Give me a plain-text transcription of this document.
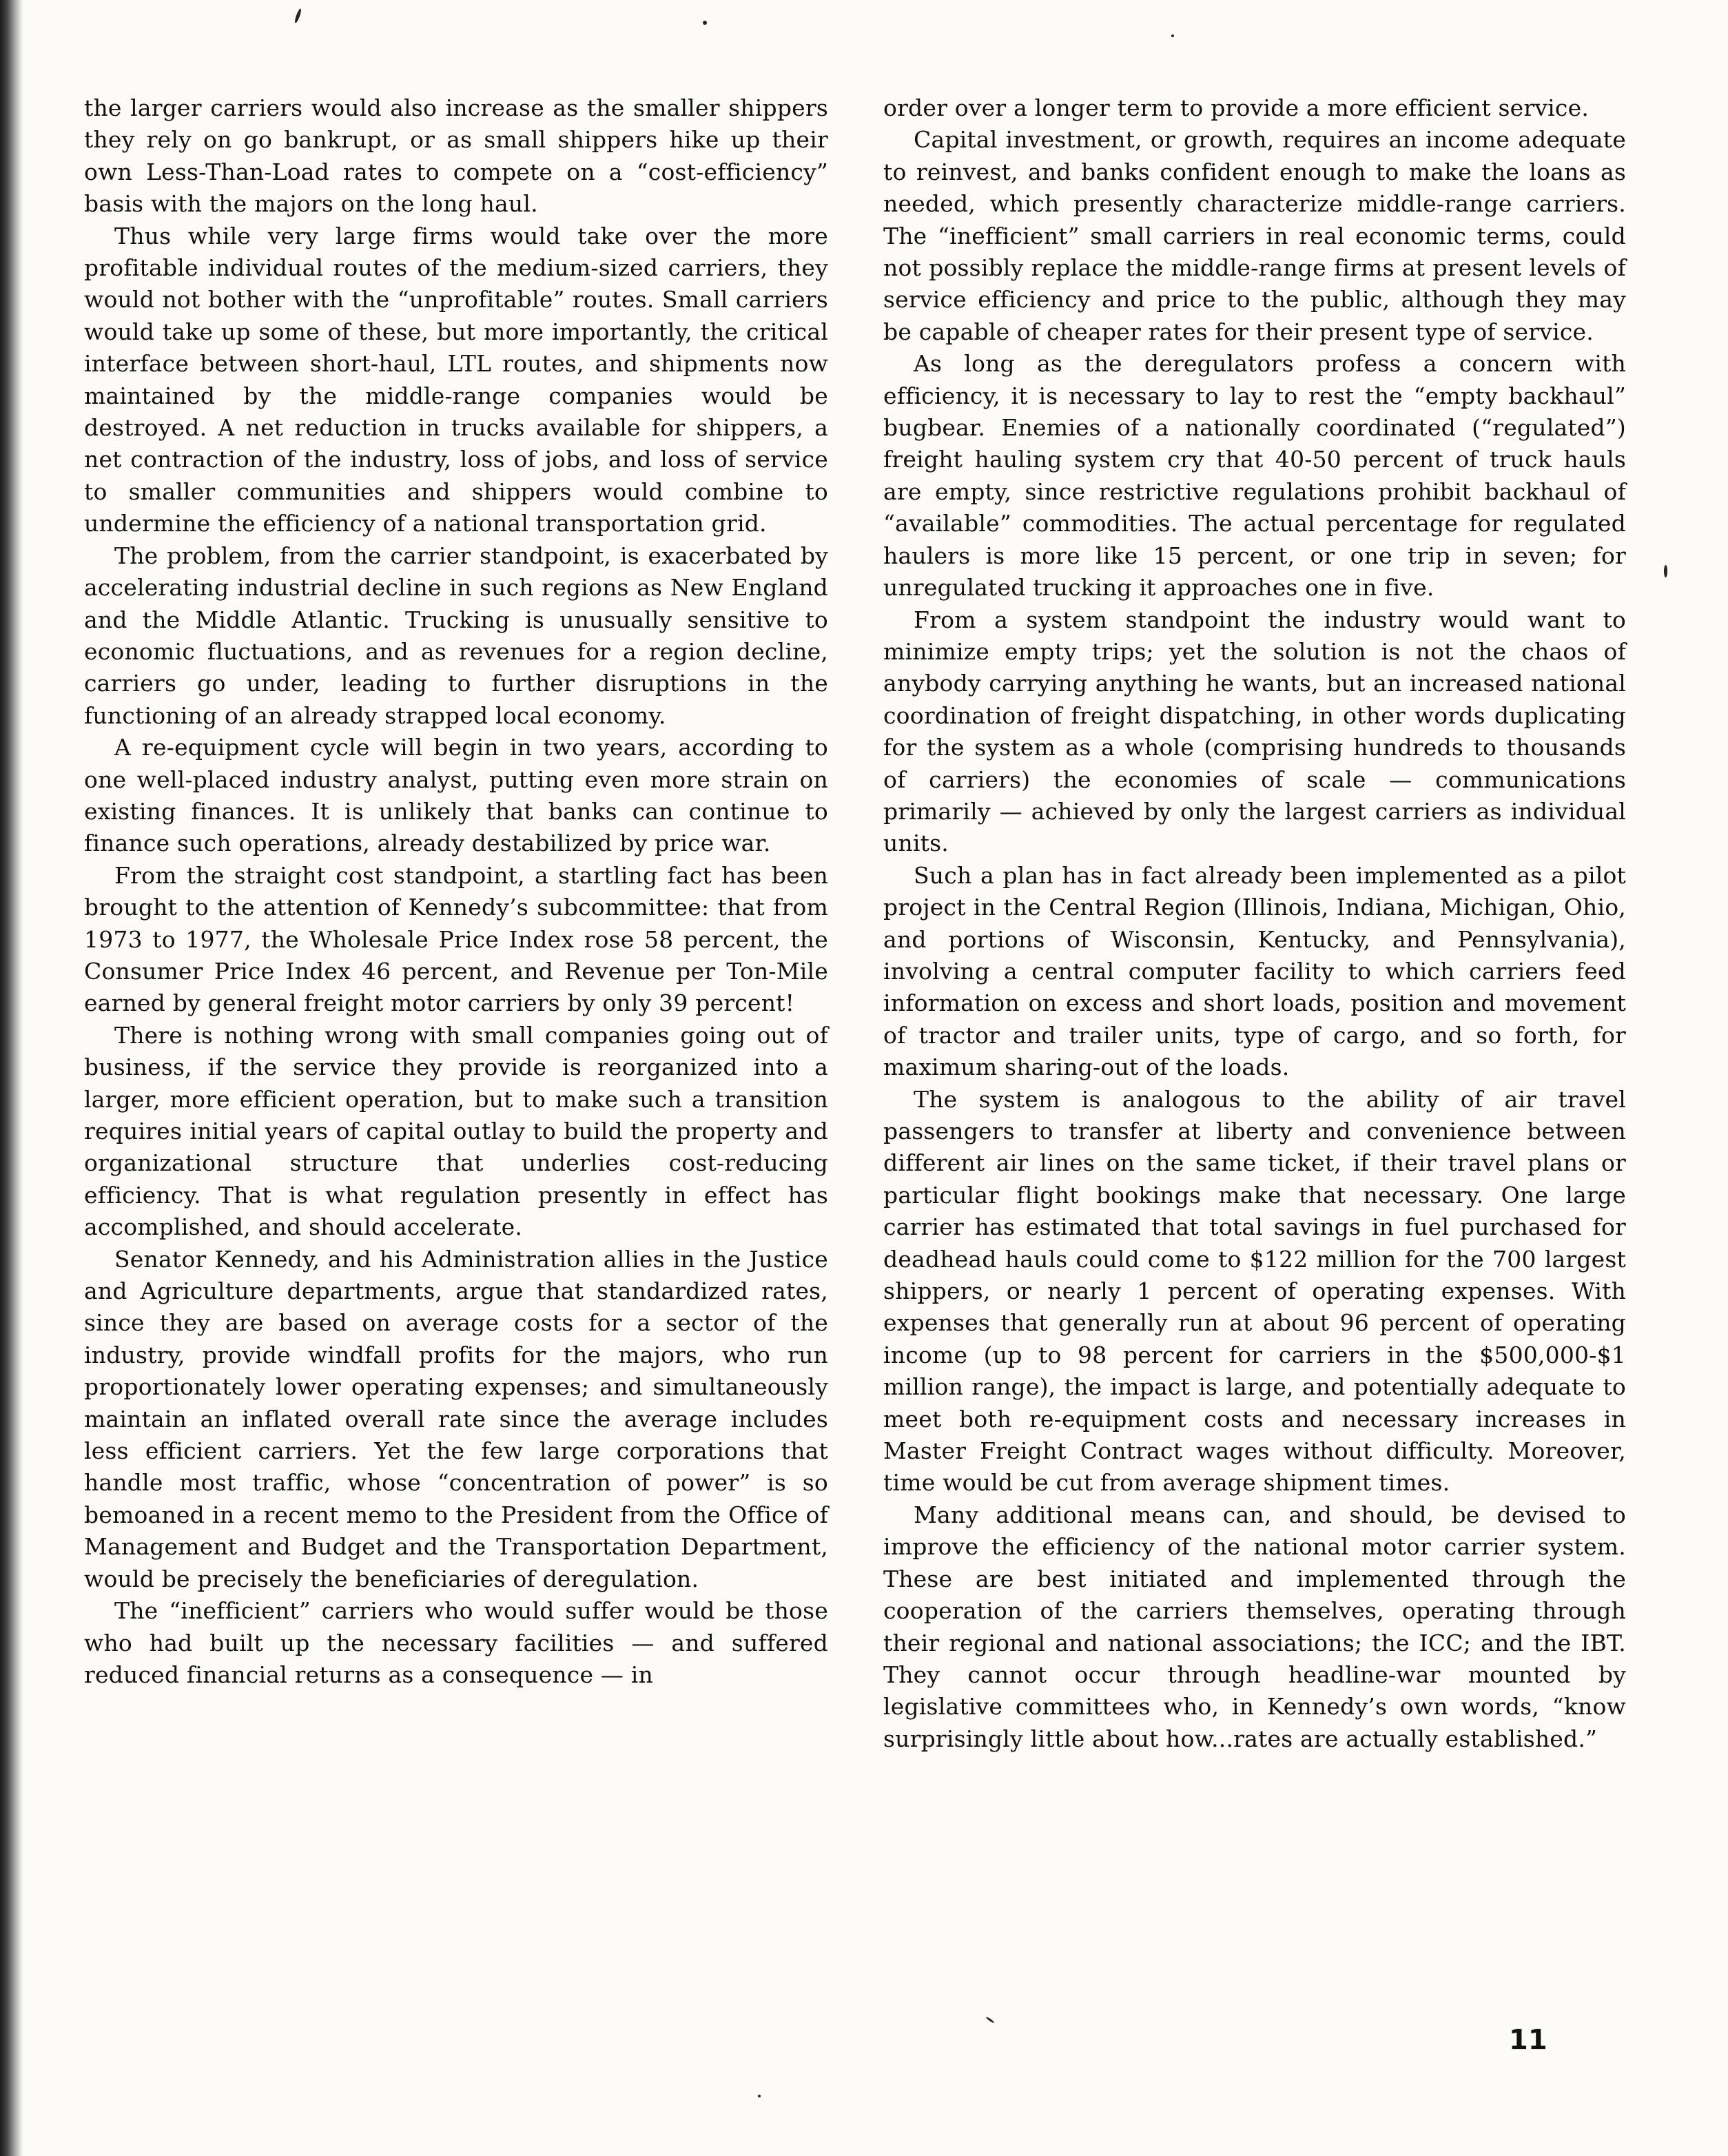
the larger carriers would also increase as the smaller shippers they rely on go bankrupt, or as small shippers hike up their own Less-Than-Load rates to compete on a “cost-efficiency” basis with the majors on the long haul.

Thus while very large firms would take over the more profitable individual routes of the medium-sized carriers, they would not bother with the “unprofitable” routes. Small carriers would take up some of these, but more importantly, the critical interface between short-haul, LTL routes, and shipments now maintained by the middle-range companies would be destroyed. A net reduction in trucks available for shippers, a net contraction of the industry, loss of jobs, and loss of service to smaller communities and shippers would combine to undermine the efficiency of a national transportation grid.

The problem, from the carrier standpoint, is exacerbated by accelerating industrial decline in such regions as New England and the Middle Atlantic. Trucking is unusually sensitive to economic fluctuations, and as revenues for a region decline, carriers go under, leading to further disruptions in the functioning of an already strapped local economy.

A re-equipment cycle will begin in two years, according to one well-placed industry analyst, putting even more strain on existing finances. It is unlikely that banks can continue to finance such operations, already destabilized by price war.

From the straight cost standpoint, a startling fact has been brought to the attention of Kennedy’s subcommittee: that from 1973 to 1977, the Wholesale Price Index rose 58 percent, the Consumer Price Index 46 percent, and Revenue per Ton-Mile earned by general freight motor carriers by only 39 percent!

There is nothing wrong with small companies going out of business, if the service they provide is reorganized into a larger, more efficient operation, but to make such a transition requires initial years of capital outlay to build the property and organizational structure that underlies cost-reducing efficiency. That is what regulation presently in effect has accomplished, and should accelerate.

Senator Kennedy, and his Administration allies in the Justice and Agriculture departments, argue that standardized rates, since they are based on average costs for a sector of the industry, provide windfall profits for the majors, who run proportionately lower operating expenses; and simultaneously maintain an inflated overall rate since the average includes less efficient carriers. Yet the few large corporations that handle most traffic, whose “concentration of power” is so bemoaned in a recent memo to the President from the Office of Management and Budget and the Transportation Department, would be precisely the beneficiaries of deregulation.

The “inefficient” carriers who would suffer would be those who had built up the necessary facilities — and suffered reduced financial returns as a consequence — in

order over a longer term to provide a more efficient service.

Capital investment, or growth, requires an income adequate to reinvest, and banks confident enough to make the loans as needed, which presently characterize middle-range carriers. The “inefficient” small carriers in real economic terms, could not possibly replace the middle-range firms at present levels of service efficiency and price to the public, although they may be capable of cheaper rates for their present type of service.

As long as the deregulators profess a concern with efficiency, it is necessary to lay to rest the “empty backhaul” bugbear. Enemies of a nationally coordinated (“regulated”) freight hauling system cry that 40-50 percent of truck hauls are empty, since restrictive regulations prohibit backhaul of “available” commodities. The actual percentage for regulated haulers is more like 15 percent, or one trip in seven; for unregulated trucking it approaches one in five.

From a system standpoint the industry would want to minimize empty trips; yet the solution is not the chaos of anybody carrying anything he wants, but an increased national coordination of freight dispatching, in other words duplicating for the system as a whole (comprising hundreds to thousands of carriers) the economies of scale — communications primarily — achieved by only the largest carriers as individual units.

Such a plan has in fact already been implemented as a pilot project in the Central Region (Illinois, Indiana, Michigan, Ohio, and portions of Wisconsin, Kentucky, and Pennsylvania), involving a central computer facility to which carriers feed information on excess and short loads, position and movement of tractor and trailer units, type of cargo, and so forth, for maximum sharing-out of the loads.

The system is analogous to the ability of air travel passengers to transfer at liberty and convenience between different air lines on the same ticket, if their travel plans or particular flight bookings make that necessary. One large carrier has estimated that total savings in fuel purchased for deadhead hauls could come to $122 million for the 700 largest shippers, or nearly 1 percent of operating expenses. With expenses that generally run at about 96 percent of operating income (up to 98 percent for carriers in the $500,000-$1 million range), the impact is large, and potentially adequate to meet both re-equipment costs and necessary increases in Master Freight Contract wages without difficulty. Moreover, time would be cut from average shipment times.

Many additional means can, and should, be devised to improve the efficiency of the national motor carrier system. These are best initiated and implemented through the cooperation of the carriers themselves, operating through their regional and national associations; the ICC; and the IBT. They cannot occur through headline-war mounted by legislative committees who, in Kennedy’s own words, “know surprisingly little about how...rates are actually established.”

11
